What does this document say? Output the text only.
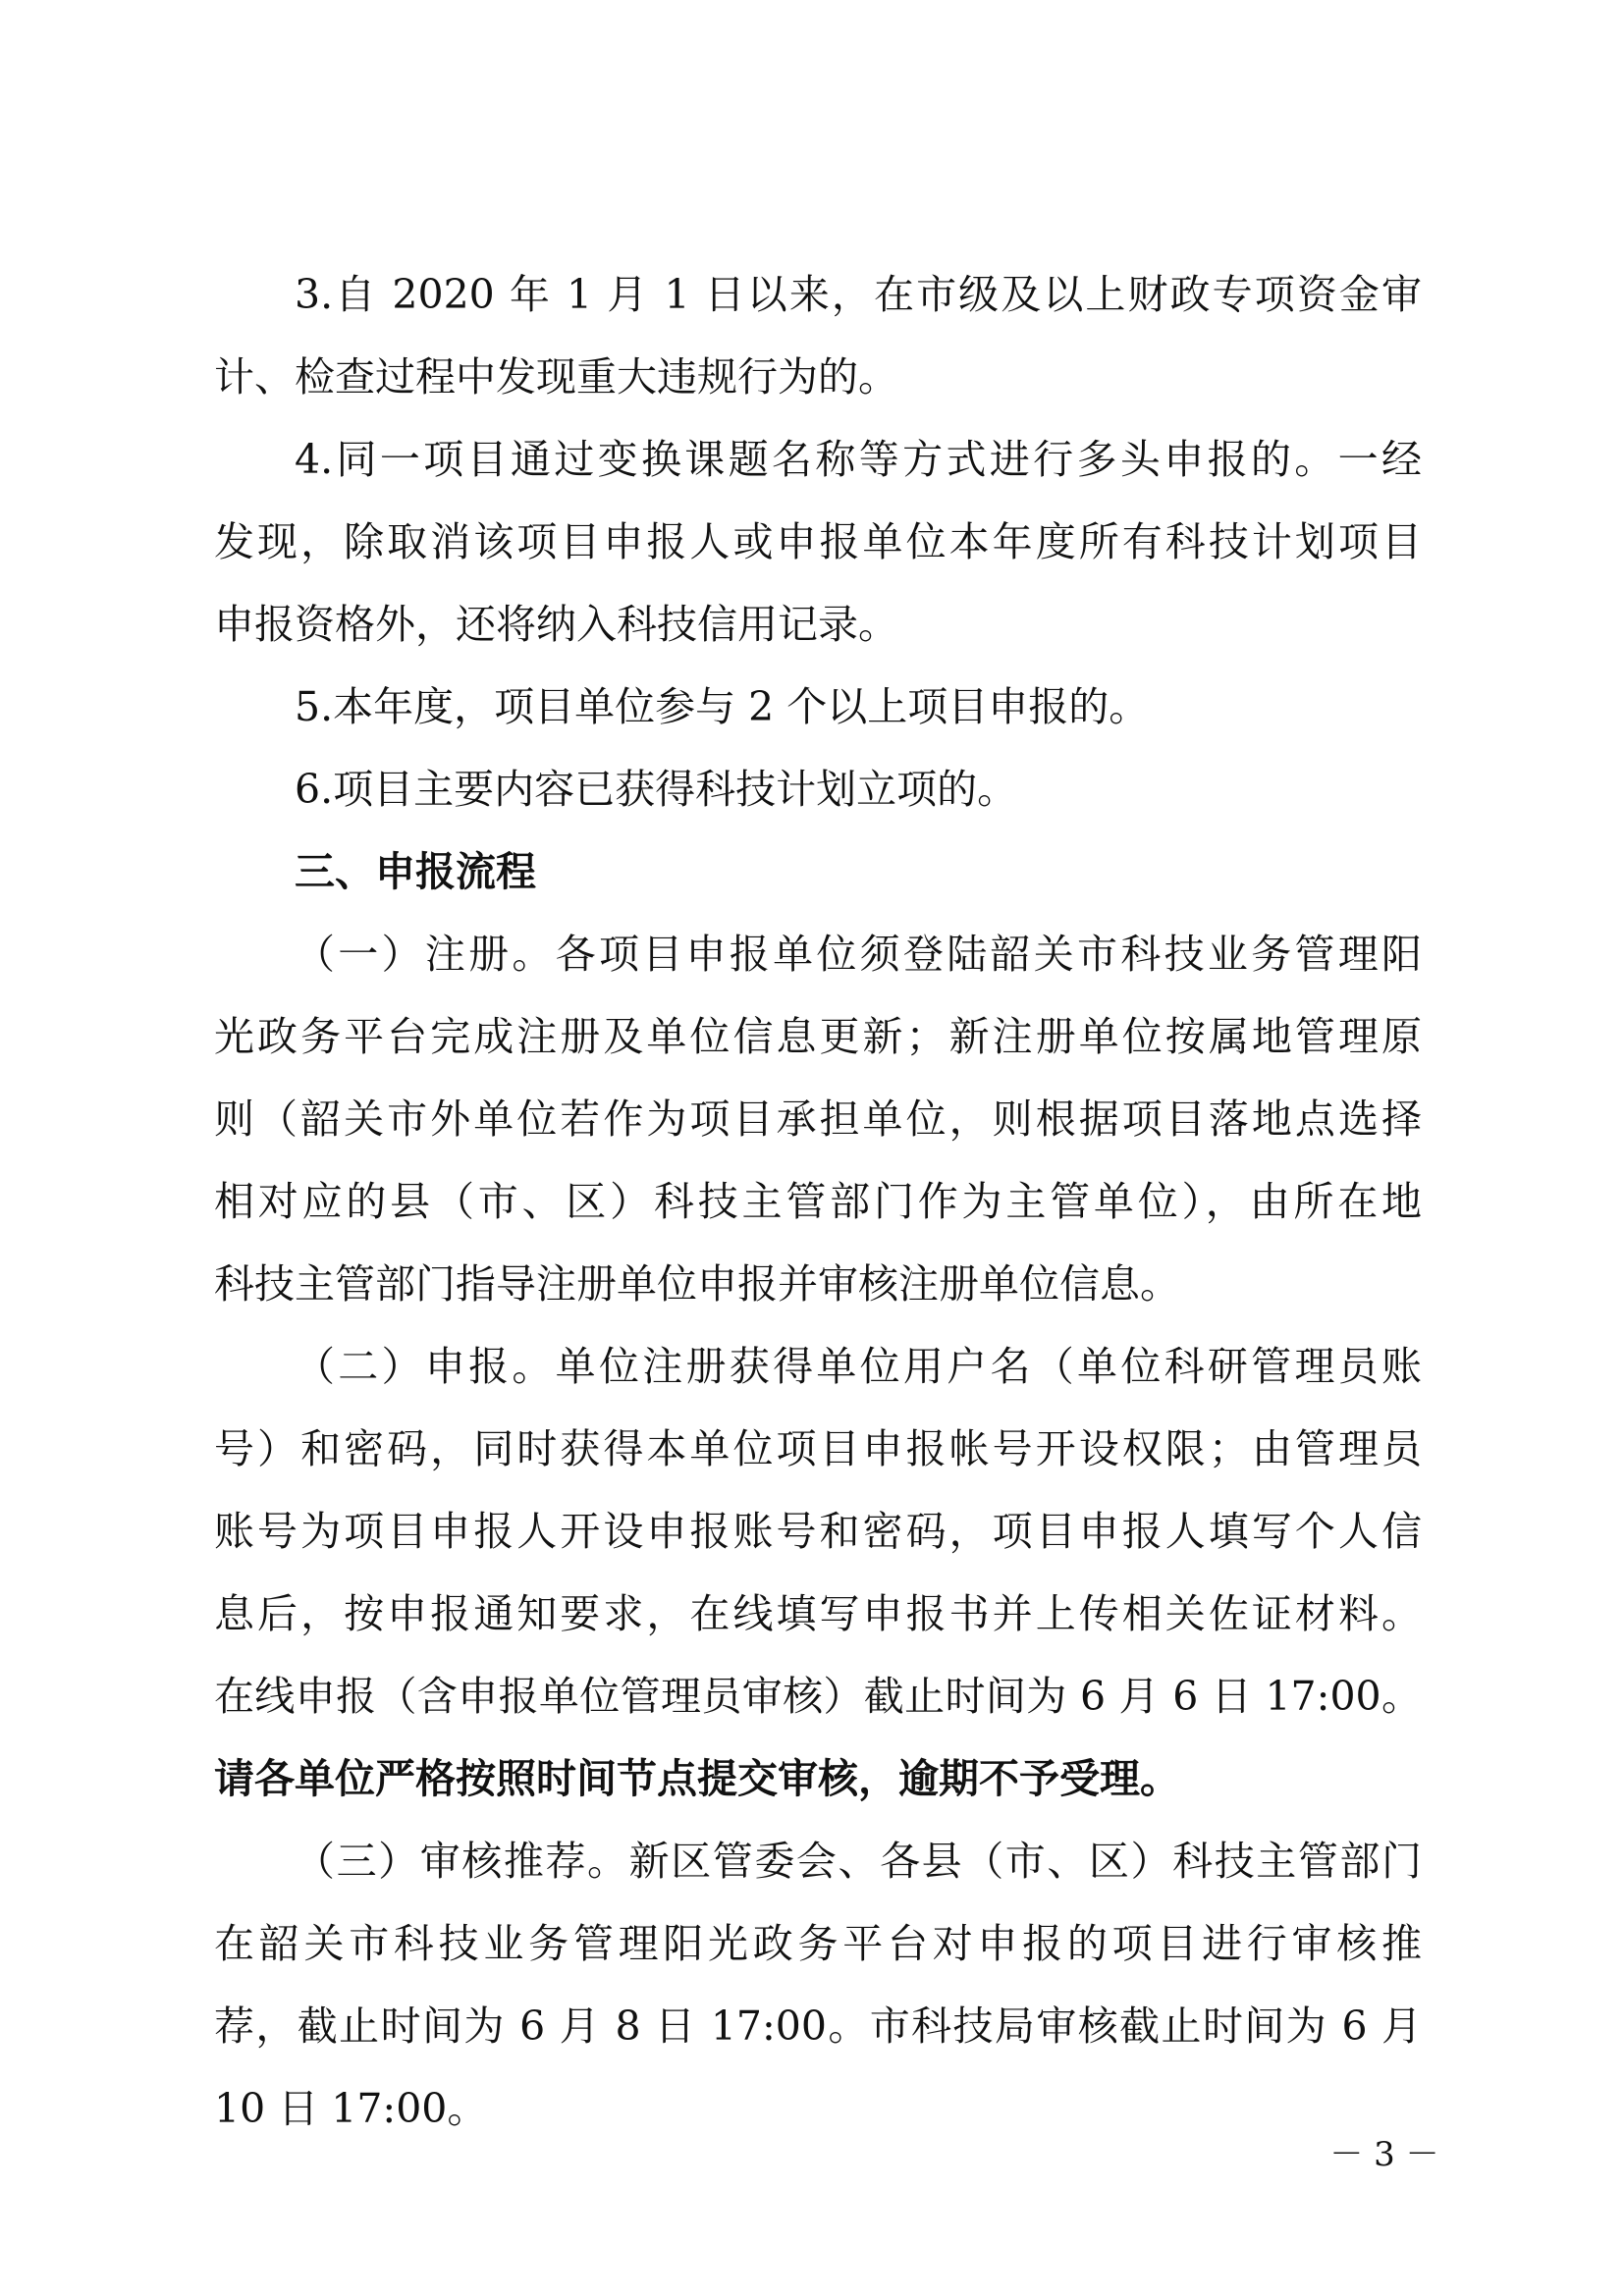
3.自 2020 年 1 月 1 日以来，在市级及以上财政专项资金审
计、检查过程中发现重大违规行为的。
4.同一项目通过变换课题名称等方式进行多头申报的。一经
发现，除取消该项目申报人或申报单位本年度所有科技计划项目
申报资格外，还将纳入科技信用记录。
5.本年度，项目单位参与 2 个以上项目申报的。
6.项目主要内容已获得科技计划立项的。
三、申报流程
（一）注册。各项目申报单位须登陆韶关市科技业务管理阳
光政务平台完成注册及单位信息更新；新注册单位按属地管理原
则（韶关市外单位若作为项目承担单位，则根据项目落地点选择
相对应的县（市、区）科技主管部门作为主管单位），由所在地
科技主管部门指导注册单位申报并审核注册单位信息。
（二）申报。单位注册获得单位用户名（单位科研管理员账
号）和密码，同时获得本单位项目申报帐号开设权限；由管理员
账号为项目申报人开设申报账号和密码，项目申报人填写个人信
息后，按申报通知要求，在线填写申报书并上传相关佐证材料。
在线申报（含申报单位管理员审核）截止时间为 6 月 6 日 17:00。
请各单位严格按照时间节点提交审核，逾期不予受理。
（三）审核推荐。新区管委会、各县（市、区）科技主管部门
在韶关市科技业务管理阳光政务平台对申报的项目进行审核推
荐，截止时间为 6 月 8 日 17:00。市科技局审核截止时间为 6 月
10 日 17:00。
－ 3 －
